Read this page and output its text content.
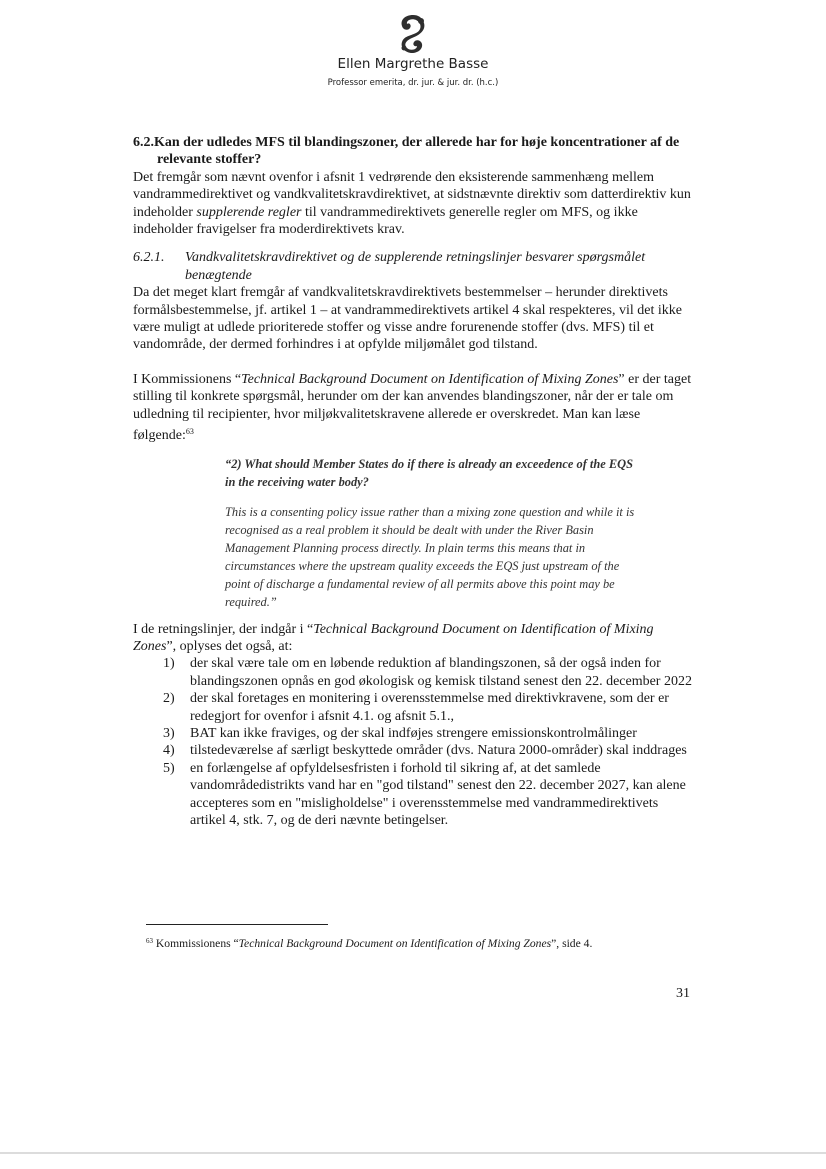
Ellen Margrethe Basse
Professor emerita, dr. jur. & jur. dr. (h.c.)

6.2.Kan der udledes MFS til blandingszoner, der allerede har for høje koncentrationer af de relevante stoffer?

Det fremgår som nævnt ovenfor i afsnit 1 vedrørende den eksisterende sammenhæng mellem vandrammedirektivet og vandkvalitetskravdirektivet, at sidstnævnte direktiv som datterdirektiv kun indeholder supplerende regler til vandrammedirektivets generelle regler om MFS, og ikke indeholder fravigelser fra moderdirektivets krav.

6.2.1. Vandkvalitetskravdirektivet og de supplerende retningslinjer besvarer spørgsmålet benægtende

Da det meget klart fremgår af vandkvalitetskravdirektivets bestemmelser – herunder direktivets formålsbestemmelse, jf. artikel 1 – at vandrammedirektivets artikel 4 skal respekteres, vil det ikke være muligt at udlede prioriterede stoffer og visse andre forurenende stoffer (dvs. MFS) til et vandområde, der dermed forhindres i at opfylde miljømålet god tilstand.

I Kommissionens “Technical Background Document on Identification of Mixing Zones” er der taget stilling til konkrete spørgsmål, herunder om der kan anvendes blandingszoner, når der er tale om udledning til recipienter, hvor miljøkvalitetskravene allerede er overskredet. Man kan læse følgende:$^{63}$

“2) What should Member States do if there is already an exceedence of the EQS in the receiving water body?
This is a consenting policy issue rather than a mixing zone question and while it is recognised as a real problem it should be dealt with under the River Basin Management Planning process directly. In plain terms this means that in circumstances where the upstream quality exceeds the EQS just upstream of the point of discharge a fundamental review of all permits above this point may be required.”

I de retningslinjer, der indgår i “Technical Background Document on Identification of Mixing Zones”, oplyses det også, at:

1) der skal være tale om en løbende reduktion af blandingszonen, så der også inden for blandingszonen opnås en god økologisk og kemisk tilstand senest den 22. december 2022
2) der skal foretages en monitering i overensstemmelse med direktivkravene, som der er redegjort for ovenfor i afsnit 4.1. og afsnit 5.1.,
3) BAT kan ikke fraviges, og der skal indføjes strengere emissionskontrolmålinger
4) tilstedeværelse af særligt beskyttede områder (dvs. Natura 2000-områder) skal inddrages
5) en forlængelse af opfyldelsesfristen i forhold til sikring af, at det samlede vandområdedistrikts vand har en "god tilstand" senest den 22. december 2027, kan alene accepteres som en "misligholdelse" i overensstemmelse med vandrammedirektivets artikel 4, stk. 7, og de deri nævnte betingelser.
$^{63}$ Kommissionens “Technical Background Document on Identification of Mixing Zones”, side 4.
31
